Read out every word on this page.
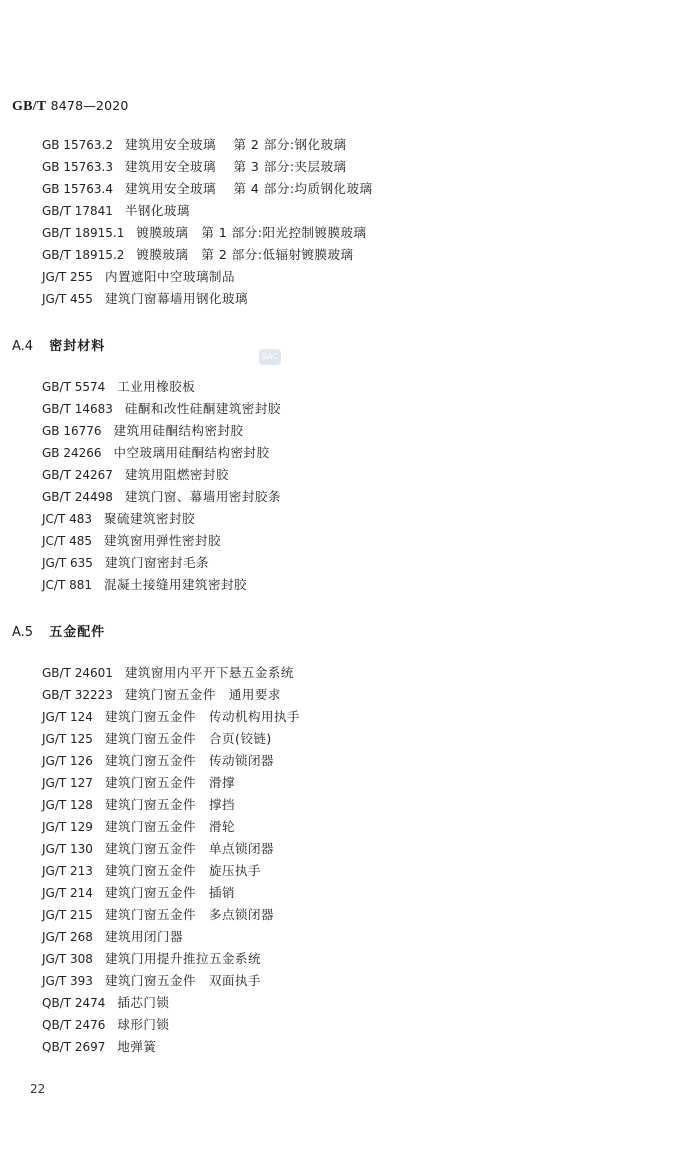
GB/T 8478—2020
GB 15763.2 建筑用安全玻璃　 第 2 部分:钢化玻璃
GB 15763.3 建筑用安全玻璃　 第 3 部分:夹层玻璃
GB 15763.4 建筑用安全玻璃　 第 4 部分:均质钢化玻璃
GB/T 17841 半钢化玻璃
GB/T 18915.1 镀膜玻璃　第 1 部分:阳光控制镀膜玻璃
GB/T 18915.2 镀膜玻璃　第 2 部分:低辐射镀膜玻璃
JG/T 255 内置遮阳中空玻璃制品
JG/T 455 建筑门窗幕墙用钢化玻璃
A.4 密封材料
SAC
GB/T 5574 工业用橡胶板
GB/T 14683 硅酮和改性硅酮建筑密封胶
GB 16776 建筑用硅酮结构密封胶
GB 24266 中空玻璃用硅酮结构密封胶
GB/T 24267 建筑用阻燃密封胶
GB/T 24498 建筑门窗、幕墙用密封胶条
JC/T 483 聚硫建筑密封胶
JC/T 485 建筑窗用弹性密封胶
JG/T 635 建筑门窗密封毛条
JC/T 881 混凝土接缝用建筑密封胶
A.5 五金配件
GB/T 24601 建筑窗用内平开下悬五金系统
GB/T 32223 建筑门窗五金件　通用要求
JG/T 124 建筑门窗五金件　传动机构用执手
JG/T 125 建筑门窗五金件　合页(铰链)
JG/T 126 建筑门窗五金件　传动锁闭器
JG/T 127 建筑门窗五金件　滑撑
JG/T 128 建筑门窗五金件　撑挡
JG/T 129 建筑门窗五金件　滑轮
JG/T 130 建筑门窗五金件　单点锁闭器
JG/T 213 建筑门窗五金件　旋压执手
JG/T 214 建筑门窗五金件　插销
JG/T 215 建筑门窗五金件　多点锁闭器
JG/T 268 建筑用闭门器
JG/T 308 建筑门用提升推拉五金系统
JG/T 393 建筑门窗五金件　双面执手
QB/T 2474 插芯门锁
QB/T 2476 球形门锁
QB/T 2697 地弹簧
22
